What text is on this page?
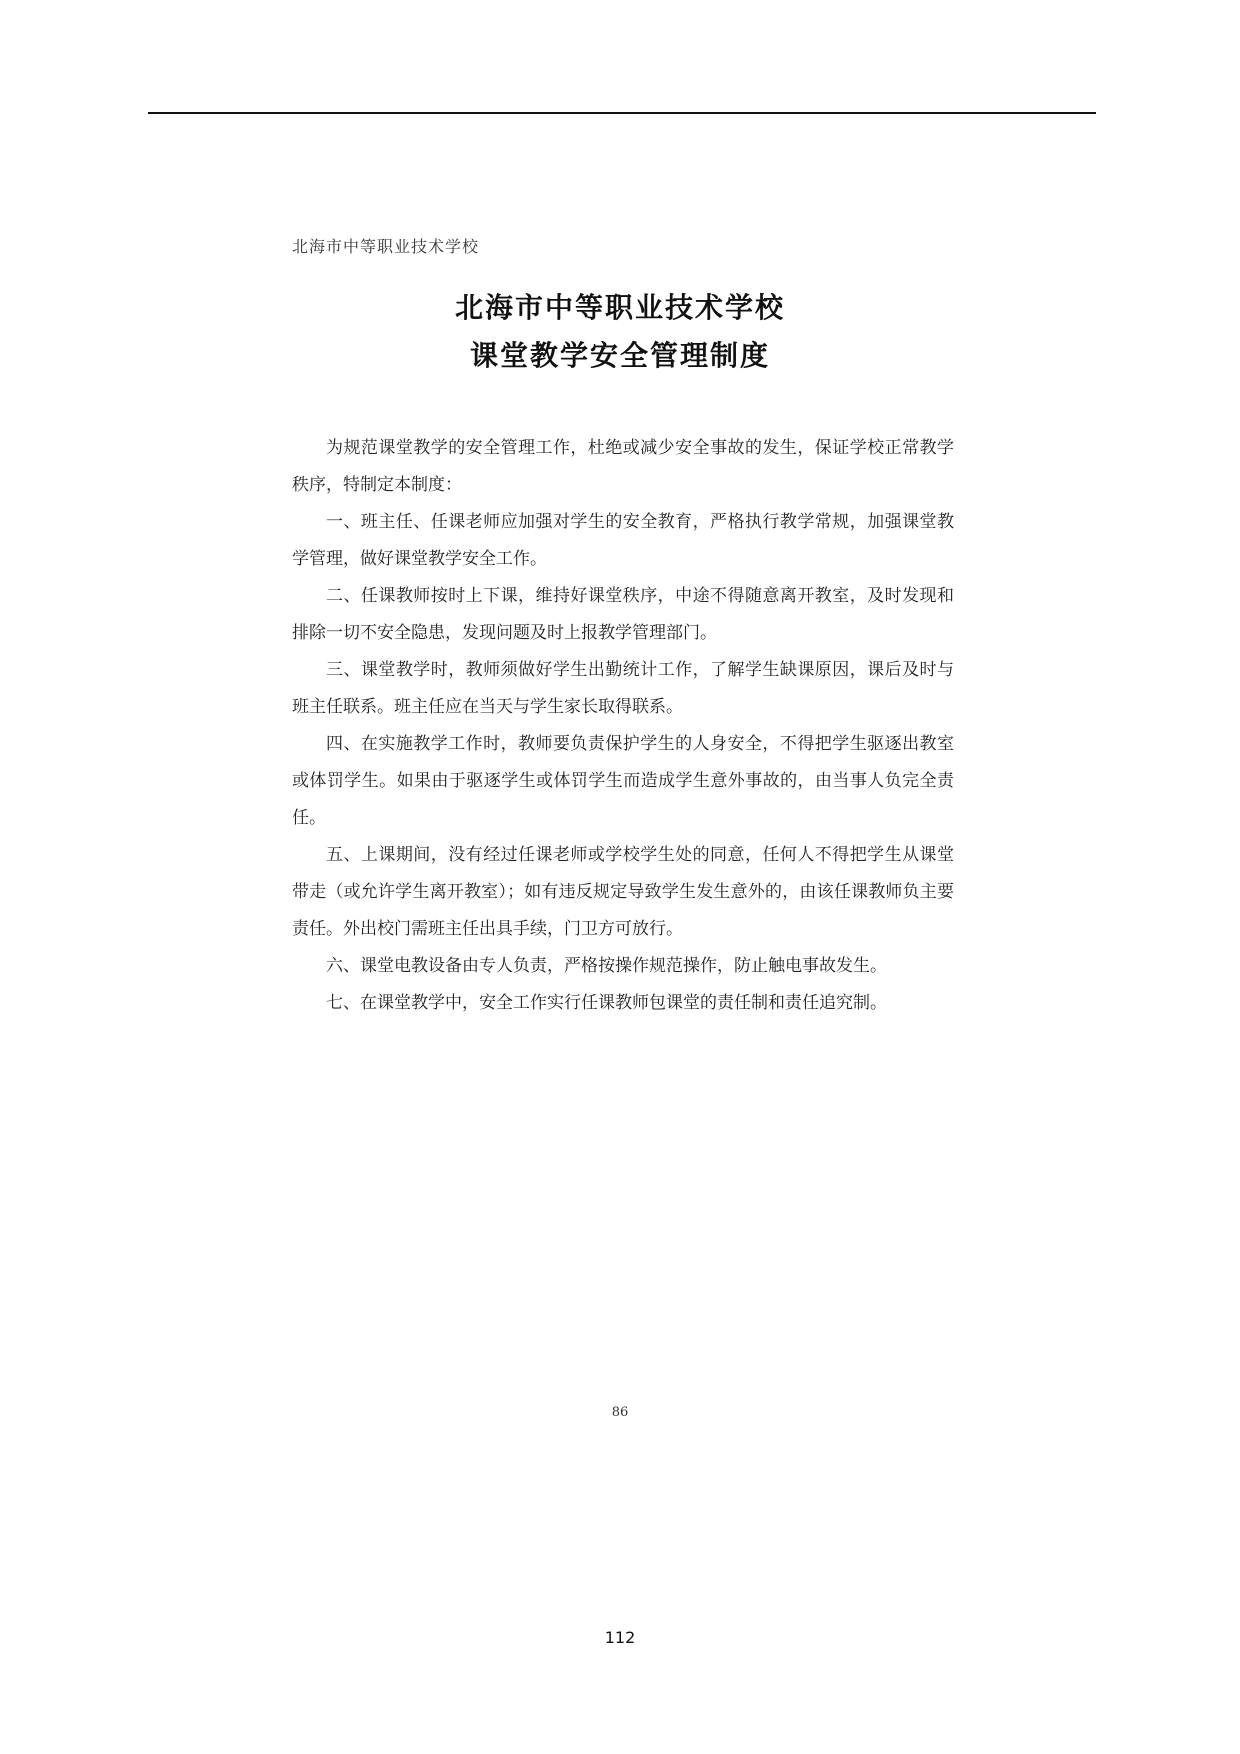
北海市中等职业技术学校
北海市中等职业技术学校
课堂教学安全管理制度

为规范课堂教学的安全管理工作，杜绝或减少安全事故的发生，保证学校正常教学秩序，特制定本制度：

一、班主任、任课老师应加强对学生的安全教育，严格执行教学常规，加强课堂教学管理，做好课堂教学安全工作。

二、任课教师按时上下课，维持好课堂秩序，中途不得随意离开教室，及时发现和排除一切不安全隐患，发现问题及时上报教学管理部门。

三、课堂教学时，教师须做好学生出勤统计工作，了解学生缺课原因，课后及时与班主任联系。班主任应在当天与学生家长取得联系。

四、在实施教学工作时，教师要负责保护学生的人身安全，不得把学生驱逐出教室或体罚学生。如果由于驱逐学生或体罚学生而造成学生意外事故的，由当事人负完全责任。

五、上课期间，没有经过任课老师或学校学生处的同意，任何人不得把学生从课堂带走（或允许学生离开教室）；如有违反规定导致学生发生意外的，由该任课教师负主要责任。外出校门需班主任出具手续，门卫方可放行。

六、课堂电教设备由专人负责，严格按操作规范操作，防止触电事故发生。

七、在课堂教学中，安全工作实行任课教师包课堂的责任制和责任追究制。

86
112
